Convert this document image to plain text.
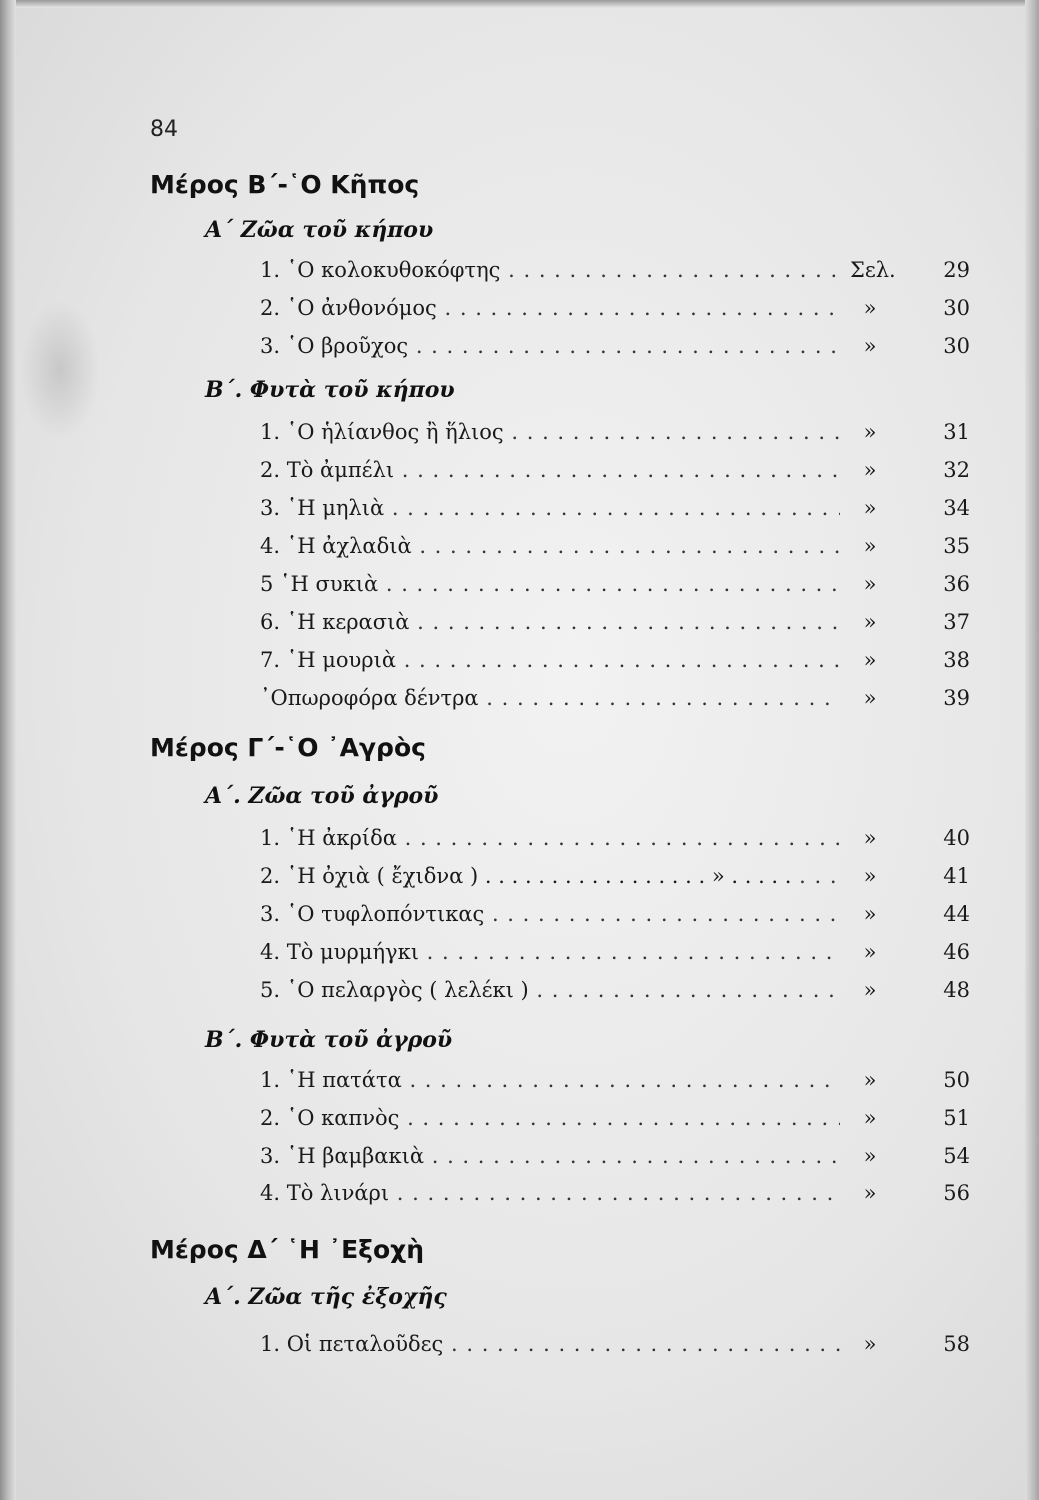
84
Μέρος Β΄-῾Ο Κῆπος
Α΄ Ζῶα τοῦ κήπου
1. ῾Ο κολοκυθοκόφτης . . .	Σελ.	29
2. ῾Ο ἀνθονόμος . . .	»	30
3. ῾Ο βροῦχος . . .	»	30
Β΄. Φυτὰ τοῦ κήπου
1. ῾Ο ἡλίανθος ἢ ἥλιος . . .	»	31
2. Τὸ ἀμπέλι . . .	»	32
3. ῾Η μηλιὰ . . .	»	34
4. ῾Η ἀχλαδιὰ . . .	»	35
5 ῾Η συκιὰ . . .	»	36
6. ῾Η κερασιὰ . . .	»	37
7. ῾Η μουριὰ . . .	»	38
᾿Οπωροφόρα δέντρα . . .	»	39
Μέρος Γ΄-῾Ο ᾿Αγρὸς
Α΄. Ζῶα τοῦ ἀγροῦ
1. ῾Η ἀκρίδα . . .	»	40
2. ῾Η ὀχιὰ ( ἔχιδνα ) . . . . . . . . . . . . . . . . . » . . . . . . . .	»	41
3. ῾Ο τυφλοπόντικας . . .	»	44
4. Τὸ μυρμήγκι . . .	»	46
5. ῾Ο πελαργὸς ( λελέκι ) . . .	»	48
Β΄. Φυτὰ τοῦ ἀγροῦ
1. ῾Η πατάτα . . .	»	50
2. ῾Ο καπνὸς . . .	»	51
3. ῾Η βαμβακιὰ . . .	»	54
4. Τὸ λινάρι . . .	»	56
Μέρος Δ΄ ῾Η ᾿Εξοχὴ
Α΄. Ζῶα τῆς ἐξοχῆς
1. Οἱ πεταλοῦδες . . .	»	58
